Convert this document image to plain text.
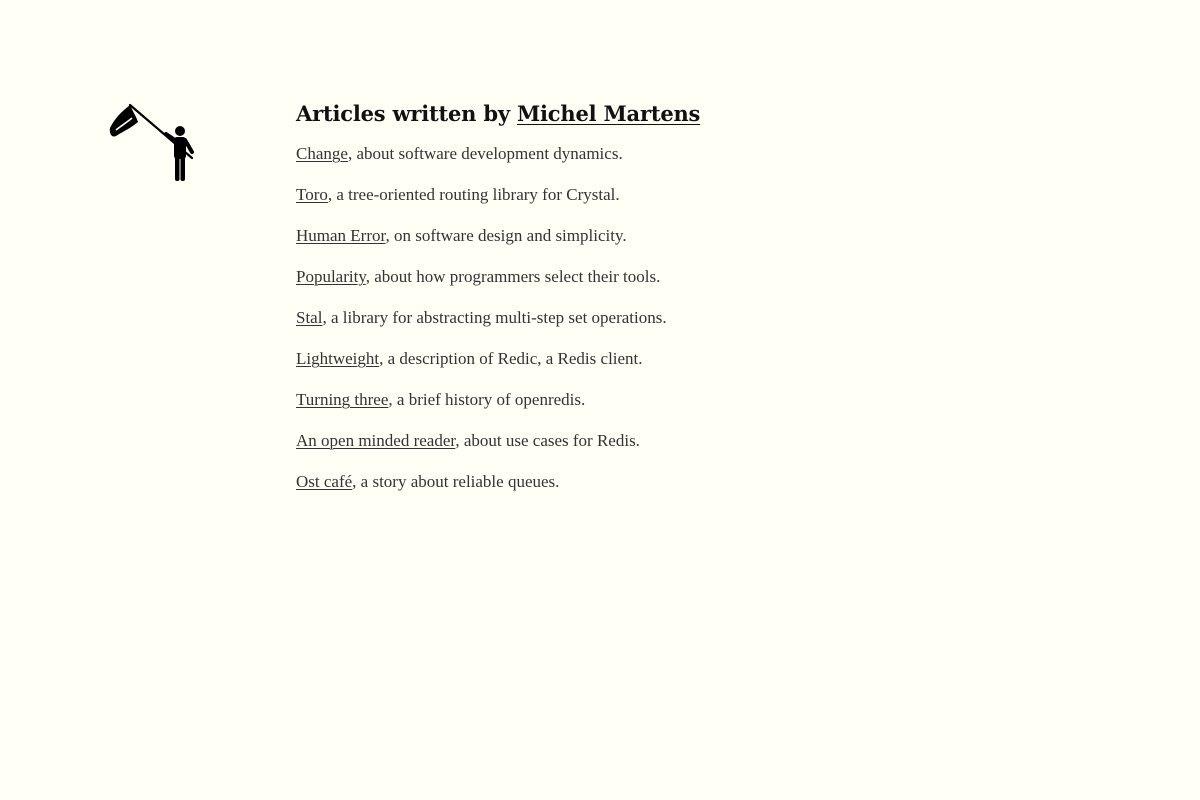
Articles written by Michel Martens
Change, about software development dynamics.
Toro, a tree-oriented routing library for Crystal.
Human Error, on software design and simplicity.
Popularity, about how programmers select their tools.
Stal, a library for abstracting multi-step set operations.
Lightweight, a description of Redic, a Redis client.
Turning three, a brief history of openredis.
An open minded reader, about use cases for Redis.
Ost café, a story about reliable queues.
